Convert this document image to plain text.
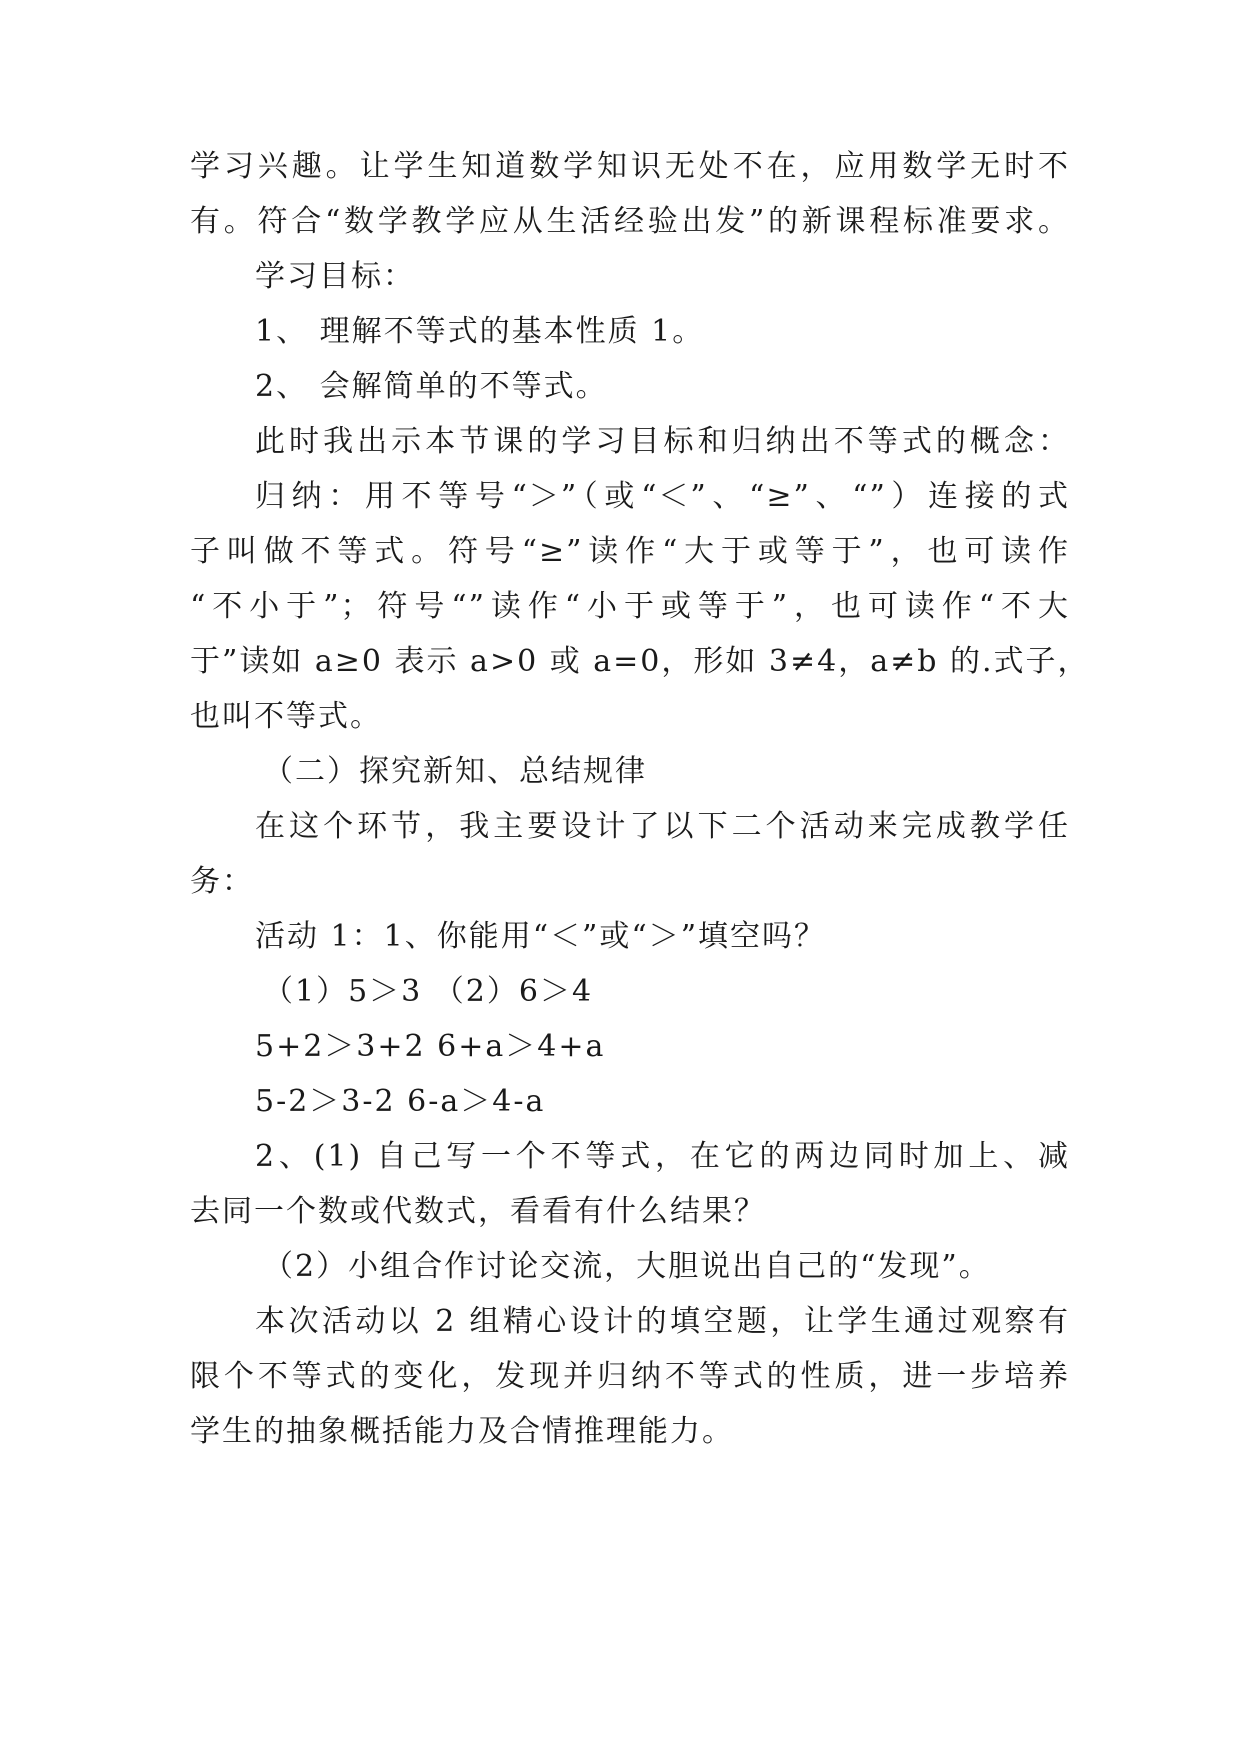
学习兴趣。让学生知道数学知识无处不在，应用数学无时不
有。符合“数学教学应从生活经验出发”的新课程标准要求。
学习目标：
1、 理解不等式的基本性质 1。
2、 会解简单的不等式。
此时我出示本节课的学习目标和归纳出不等式的概念：
归纳：用不等号“＞”（或“＜”、“≥”、“”）连接的式
子叫做不等式。符号“≥”读作“大于或等于”，也可读作
“不小于”；符号“”读作“小于或等于”，也可读作“不大
于”读如 a≥0 表示 a>0 或 a=0，形如 3≠4，a≠b 的.式子，
也叫不等式。
（二）探究新知、总结规律
在这个环节，我主要设计了以下二个活动来完成教学任
务：
活动 1：1、你能用“＜”或“＞”填空吗？
（1）5＞3 （2）6＞4
5+2＞3+2 6+a＞4+a
5-2＞3-2 6-a＞4-a
2、(1) 自己写一个不等式，在它的两边同时加上、减
去同一个数或代数式，看看有什么结果？
（2）小组合作讨论交流，大胆说出自己的“发现”。
本次活动以 2 组精心设计的填空题，让学生通过观察有
限个不等式的变化，发现并归纳不等式的性质，进一步培养
学生的抽象概括能力及合情推理能力。
